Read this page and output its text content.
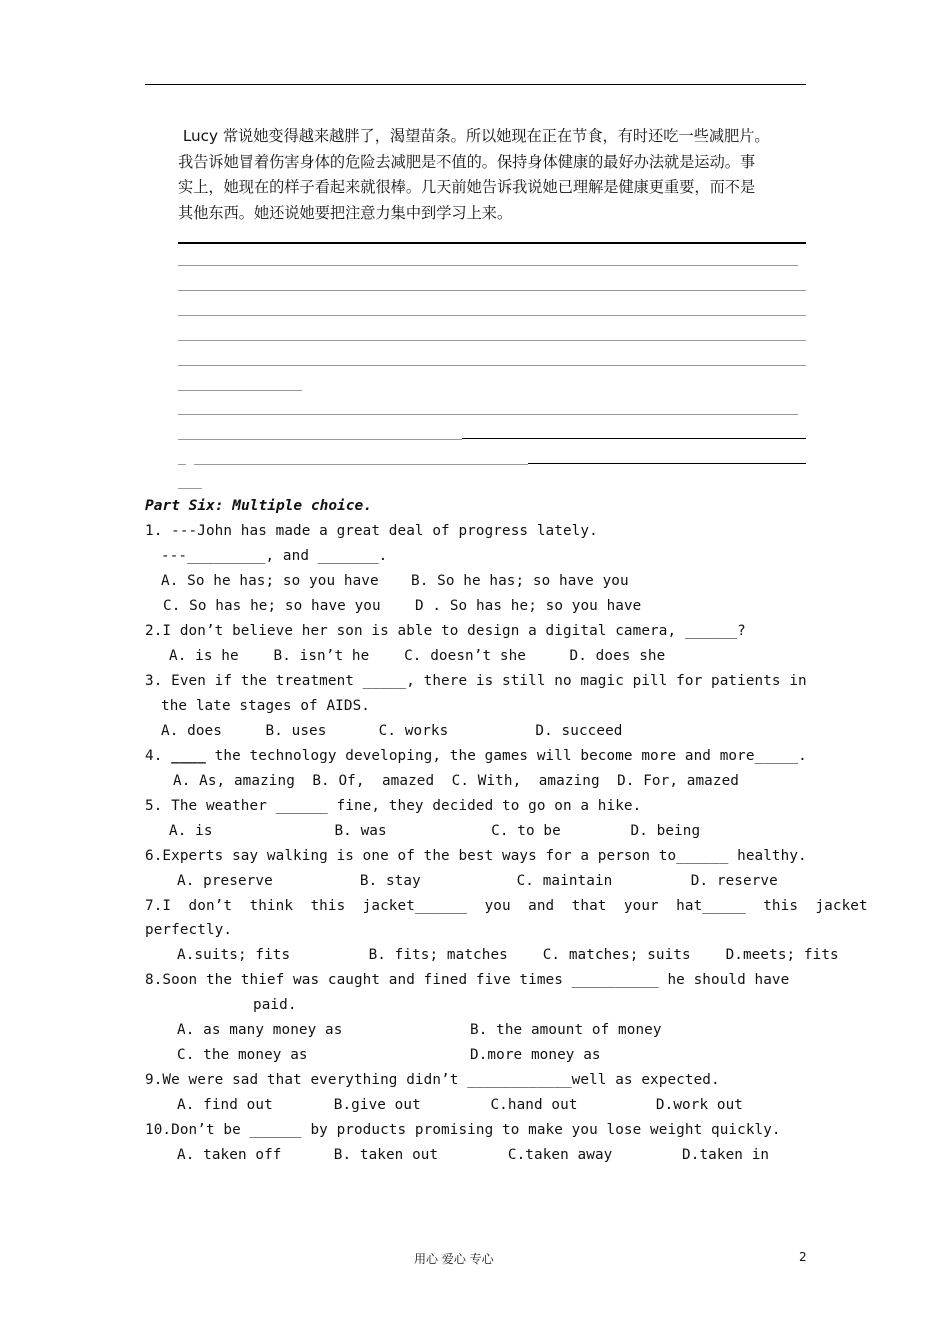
Lucy 常说她变得越来越胖了，渴望苗条。所以她现在正在节食，有时还吃一些减肥片。
我告诉她冒着伤害身体的危险去减肥是不值的。保持身体健康的最好办法就是运动。事
实上，她现在的样子看起来就很棒。几天前她告诉我说她已理解是健康更重要，而不是
其他东西。她还说她要把注意力集中到学习上来。
Part Six: Multiple choice.
1. ---John has made a great deal of progress lately.
---_________, and _______.
A. So he has; so you have B. So he has; so have you
C. So has he; so have you D . So has he; so you have
2.I don’t believe her son is able to design a digital camera, ______?
A. is he    B. isn’t he    C. doesn’t she     D. does she
3. Even if the treatment _____, there is still no magic pill for patients in
the late stages of AIDS.
A. does     B. uses      C. works          D. succeed
4. ____ the technology developing, the games will become more and more_____.
A. As, amazing  B. Of,  amazed  C. With,  amazing  D. For, amazed
5. The weather ______ fine, they decided to go on a hike.
A. is              B. was            C. to be        D. being
6.Experts say walking is one of the best ways for a person to______ healthy.
A. preserve          B. stay           C. maintain         D. reserve
7.I  don’t  think  this  jacket______  you  and  that  your  hat_____  this  jacket
perfectly.
A.suits; fits         B. fits; matches    C. matches; suits    D.meets; fits
8.Soon the thief was caught and fined five times __________ he should have
paid.
A. as many money as	B. the amount of money
C. the money as	D.more money as
9.We were sad that everything didn’t ____________well as expected.
A. find out       B.give out        C.hand out         D.work out
10.Don’t be ______ by products promising to make you lose weight quickly.
A. taken off      B. taken out        C.taken away        D.taken in
用心 爱心 专心	2
